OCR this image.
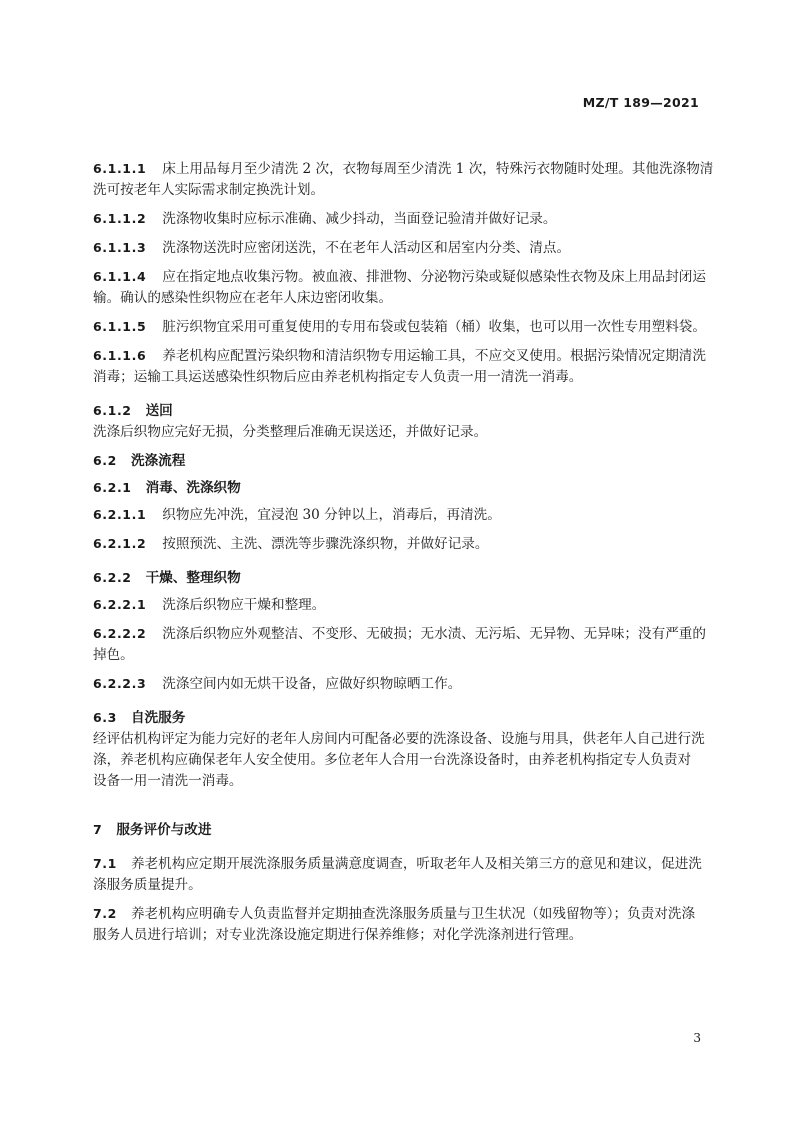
MZ/T 189—2021

6.1.1.1 床上用品每月至少清洗 2 次，衣物每周至少清洗 1 次，特殊污衣物随时处理。其他洗涤物清

洗可按老年人实际需求制定换洗计划。

6.1.1.2 洗涤物收集时应标示准确、减少抖动，当面登记验清并做好记录。

6.1.1.3 洗涤物送洗时应密闭送洗，不在老年人活动区和居室内分类、清点。

6.1.1.4 应在指定地点收集污物。被血液、排泄物、分泌物污染或疑似感染性衣物及床上用品封闭运

输。确认的感染性织物应在老年人床边密闭收集。

6.1.1.5 脏污织物宜采用可重复使用的专用布袋或包装箱（桶）收集，也可以用一次性专用塑料袋。

6.1.1.6 养老机构应配置污染织物和清洁织物专用运输工具，不应交叉使用。根据污染情况定期清洗

消毒；运输工具运送感染性织物后应由养老机构指定专人负责一用一清洗一消毒。

6.1.2 送回

洗涤后织物应完好无损，分类整理后准确无误送还，并做好记录。

6.2 洗涤流程
6.2.1 消毒、洗涤织物

6.2.1.1 织物应先冲洗，宜浸泡 30 分钟以上，消毒后，再清洗。

6.2.1.2 按照预洗、主洗、漂洗等步骤洗涤织物，并做好记录。

6.2.2 干燥、整理织物

6.2.2.1 洗涤后织物应干燥和整理。

6.2.2.2 洗涤后织物应外观整洁、不变形、无破损；无水渍、无污垢、无异物、无异味；没有严重的

掉色。

6.2.2.3 洗涤空间内如无烘干设备，应做好织物晾晒工作。

6.3 自洗服务

经评估机构评定为能力完好的老年人房间内可配备必要的洗涤设备、设施与用具，供老年人自己进行洗

涤，养老机构应确保老年人安全使用。多位老年人合用一台洗涤设备时，由养老机构指定专人负责对

设备一用一清洗一消毒。

7 服务评价与改进

7.1 养老机构应定期开展洗涤服务质量满意度调查，听取老年人及相关第三方的意见和建议，促进洗

涤服务质量提升。

7.2 养老机构应明确专人负责监督并定期抽查洗涤服务质量与卫生状况（如残留物等）；负责对洗涤

服务人员进行培训；对专业洗涤设施定期进行保养维修；对化学洗涤剂进行管理。

3
